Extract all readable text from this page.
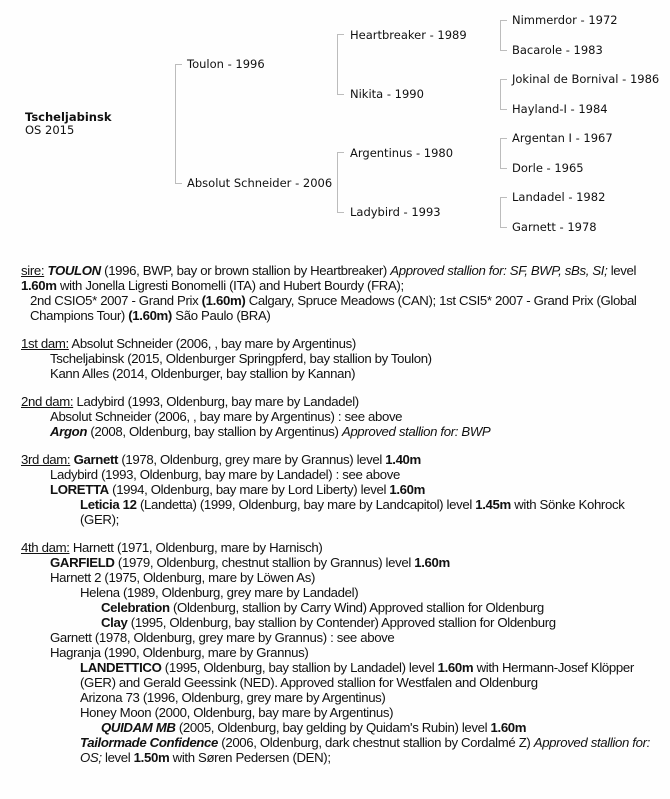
Tscheljabinsk
OS 2015
Toulon - 1996
Absolut Schneider - 2006
Heartbreaker - 1989
Nikita - 1990
Argentinus - 1980
Ladybird - 1993
Nimmerdor - 1972
Bacarole - 1983
Jokinal de Bornival - 1986
Hayland-I - 1984
Argentan I - 1967
Dorle - 1965
Landadel - 1982
Garnett - 1978

sire: TOULON (1996, BWP, bay or brown stallion by Heartbreaker) Approved stallion for: SF, BWP, sBs, SI; level 1.60m with Jonella Ligresti Bonomelli (ITA) and Hubert Bourdy (FRA);

2nd CSIO5* 2007 - Grand Prix (1.60m) Calgary, Spruce Meadows (CAN); 1st CSI5* 2007 - Grand Prix (Global Champions Tour) (1.60m) São Paulo (BRA)

1st dam: Absolut Schneider (2006, , bay mare by Argentinus)

Tscheljabinsk (2015, Oldenburger Springpferd, bay stallion by Toulon)

Kann Alles (2014, Oldenburger, bay stallion by Kannan)

2nd dam: Ladybird (1993, Oldenburg, bay mare by Landadel)

Absolut Schneider (2006, , bay mare by Argentinus) : see above

Argon (2008, Oldenburg, bay stallion by Argentinus) Approved stallion for: BWP

3rd dam: Garnett (1978, Oldenburg, grey mare by Grannus) level 1.40m

Ladybird (1993, Oldenburg, bay mare by Landadel) : see above

LORETTA (1994, Oldenburg, bay mare by Lord Liberty) level 1.60m

Leticia 12 (Landetta) (1999, Oldenburg, bay mare by Landcapitol) level 1.45m with Sönke Kohrock (GER);

4th dam: Harnett (1971, Oldenburg, mare by Harnisch)

GARFIELD (1979, Oldenburg, chestnut stallion by Grannus) level 1.60m

Harnett 2 (1975, Oldenburg, mare by Löwen As)

Helena (1989, Oldenburg, grey mare by Landadel)

Celebration (Oldenburg, stallion by Carry Wind) Approved stallion for Oldenburg

Clay (1995, Oldenburg, bay stallion by Contender) Approved stallion for Oldenburg

Garnett (1978, Oldenburg, grey mare by Grannus) : see above

Hagranja (1990, Oldenburg, mare by Grannus)

LANDETTICO (1995, Oldenburg, bay stallion by Landadel) level 1.60m with Hermann-Josef Klöpper (GER) and Gerald Geessink (NED). Approved stallion for Westfalen and Oldenburg

Arizona 73 (1996, Oldenburg, grey mare by Argentinus)

Honey Moon (2000, Oldenburg, bay mare by Argentinus)

QUIDAM MB (2005, Oldenburg, bay gelding by Quidam's Rubin) level 1.60m

Tailormade Confidence (2006, Oldenburg, dark chestnut stallion by Cordalmé Z) Approved stallion for: OS; level 1.50m with Søren Pedersen (DEN);
